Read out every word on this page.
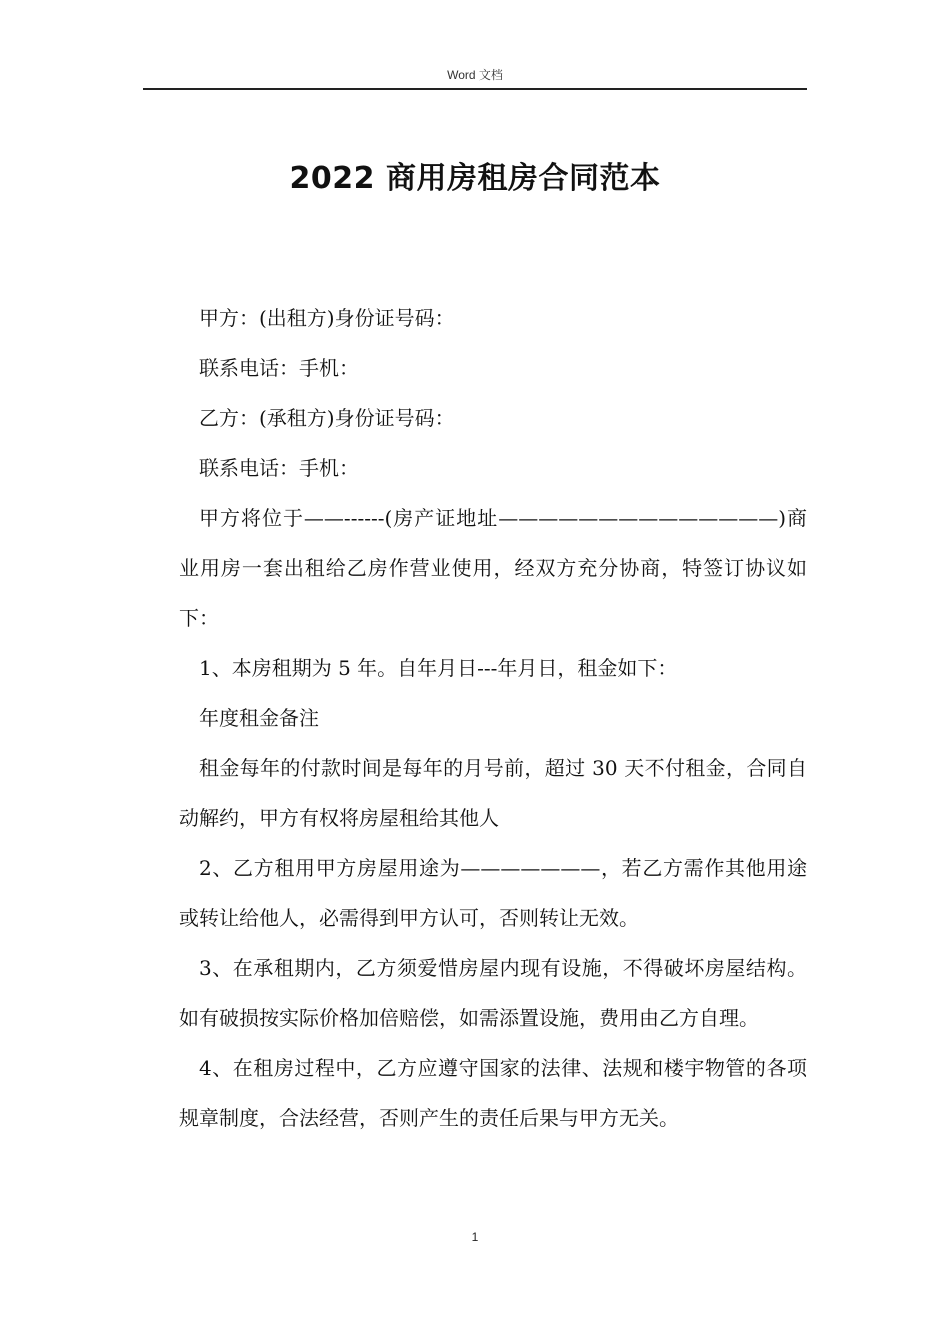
Word 文档
2022 商用房租房合同范本

甲方：(出租方)身份证号码：

联系电话：手机：

乙方：(承租方)身份证号码：

联系电话：手机：

甲方将位于——------(房产证地址——————————————)商业用房一套出租给乙房作营业使用，经双方充分协商，特签订协议如下：

1、本房租期为 5 年。自年月日---年月日，租金如下：

年度租金备注

租金每年的付款时间是每年的月号前，超过 30 天不付租金，合同自动解约，甲方有权将房屋租给其他人

2、乙方租用甲方房屋用途为———————，若乙方需作其他用途或转让给他人，必需得到甲方认可，否则转让无效。

3、在承租期内，乙方须爱惜房屋内现有设施，不得破坏房屋结构。如有破损按实际价格加倍赔偿，如需添置设施，费用由乙方自理。

4、在租房过程中，乙方应遵守国家的法律、法规和楼宇物管的各项规章制度，合法经营，否则产生的责任后果与甲方无关。

1
